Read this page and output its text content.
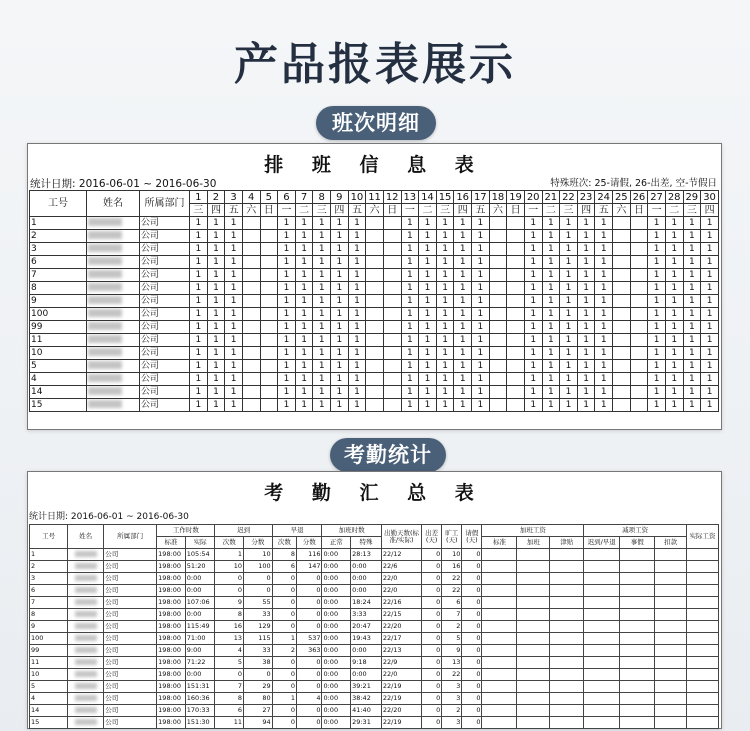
产品报表展示
班次明细
排 班 信 息 表
统计日期: 2016-06-01 ~ 2016-06-30	特殊班次: 25-请假, 26-出差, 空-节假日
工号	姓名	所属部门	1	2	3	4	5	6	7	8	9	10	11	12	13	14	15	16	17	18	19	20	21	22	23	24	25	26	27	28	29	30
			三	四	五	六	日	一	二	三	四	五	六	日	一	二	三	四	五	六	日	一	二	三	四	五	六	日	一	二	三	四
1		公司	1	1	1			1	1	1	1	1			1	1	1	1	1			1	1	1	1	1			1	1	1	1
2		公司	1	1	1			1	1	1	1	1			1	1	1	1	1			1	1	1	1	1			1	1	1	1
3		公司	1	1	1			1	1	1	1	1			1	1	1	1	1			1	1	1	1	1			1	1	1	1
6		公司	1	1	1			1	1	1	1	1			1	1	1	1	1			1	1	1	1	1			1	1	1	1
7		公司	1	1	1			1	1	1	1	1			1	1	1	1	1			1	1	1	1	1			1	1	1	1
8		公司	1	1	1			1	1	1	1	1			1	1	1	1	1			1	1	1	1	1			1	1	1	1
9		公司	1	1	1			1	1	1	1	1			1	1	1	1	1			1	1	1	1	1			1	1	1	1
100		公司	1	1	1			1	1	1	1	1			1	1	1	1	1			1	1	1	1	1			1	1	1	1
99		公司	1	1	1			1	1	1	1	1			1	1	1	1	1			1	1	1	1	1			1	1	1	1
11		公司	1	1	1			1	1	1	1	1			1	1	1	1	1			1	1	1	1	1			1	1	1	1
10		公司	1	1	1			1	1	1	1	1			1	1	1	1	1			1	1	1	1	1			1	1	1	1
5		公司	1	1	1			1	1	1	1	1			1	1	1	1	1			1	1	1	1	1			1	1	1	1
4		公司	1	1	1			1	1	1	1	1			1	1	1	1	1			1	1	1	1	1			1	1	1	1
14		公司	1	1	1			1	1	1	1	1			1	1	1	1	1			1	1	1	1	1			1	1	1	1
15		公司	1	1	1			1	1	1	1	1			1	1	1	1	1			1	1	1	1	1			1	1	1	1
考勤统计
考 勤 汇 总 表
统计日期: 2016-06-01 ~ 2016-06-30
工号	姓名	所属部门	工作时数		迟到		早退		加班时数		出勤天数(标准/实际)	出差(天)	旷工(天)	请假(天)	加班工资			减项工资			实际工资
			标准	实际	次数	分数	次数	分数	正常	特殊					标准	加班	津贴	迟到/早退	事假	扣款	
1		公司	198:00	105:54	1	10	8	116	0:00	28:13	22/12	0	10	0							
2		公司	198:00	51:20	10	100	6	147	0:00	0:00	22/6	0	16	0							
3		公司	198:00	0:00	0	0	0	0	0:00	0:00	22/0	0	22	0							
6		公司	198:00	0:00	0	0	0	0	0:00	0:00	22/0	0	22	0							
7		公司	198:00	107:06	9	55	0	0	0:00	18:24	22/16	0	6	0							
8		公司	198:00	0:00	8	33	0	0	0:00	3:33	22/15	0	7	0							
9		公司	198:00	115:49	16	129	0	0	0:00	20:47	22/20	0	2	0							
100		公司	198:00	71:00	13	115	1	537	0:00	19:43	22/17	0	5	0							
99		公司	198:00	9:00	4	33	2	363	0:00	0:00	22/13	0	9	0							
11		公司	198:00	71:22	5	38	0	0	0:00	9:18	22/9	0	13	0							
10		公司	198:00	0:00	0	0	0	0	0:00	0:00	22/0	0	22	0							
5		公司	198:00	151:31	7	29	0	0	0:00	39:21	22/19	0	3	0							
4		公司	198:00	160:36	8	80	1	4	0:00	38:42	22/19	0	3	0							
14		公司	198:00	170:33	6	27	0	0	0:00	41:40	22/20	0	2	0							
15		公司	198:00	151:30	11	94	0	0	0:00	29:31	22/19	0	3	0							
